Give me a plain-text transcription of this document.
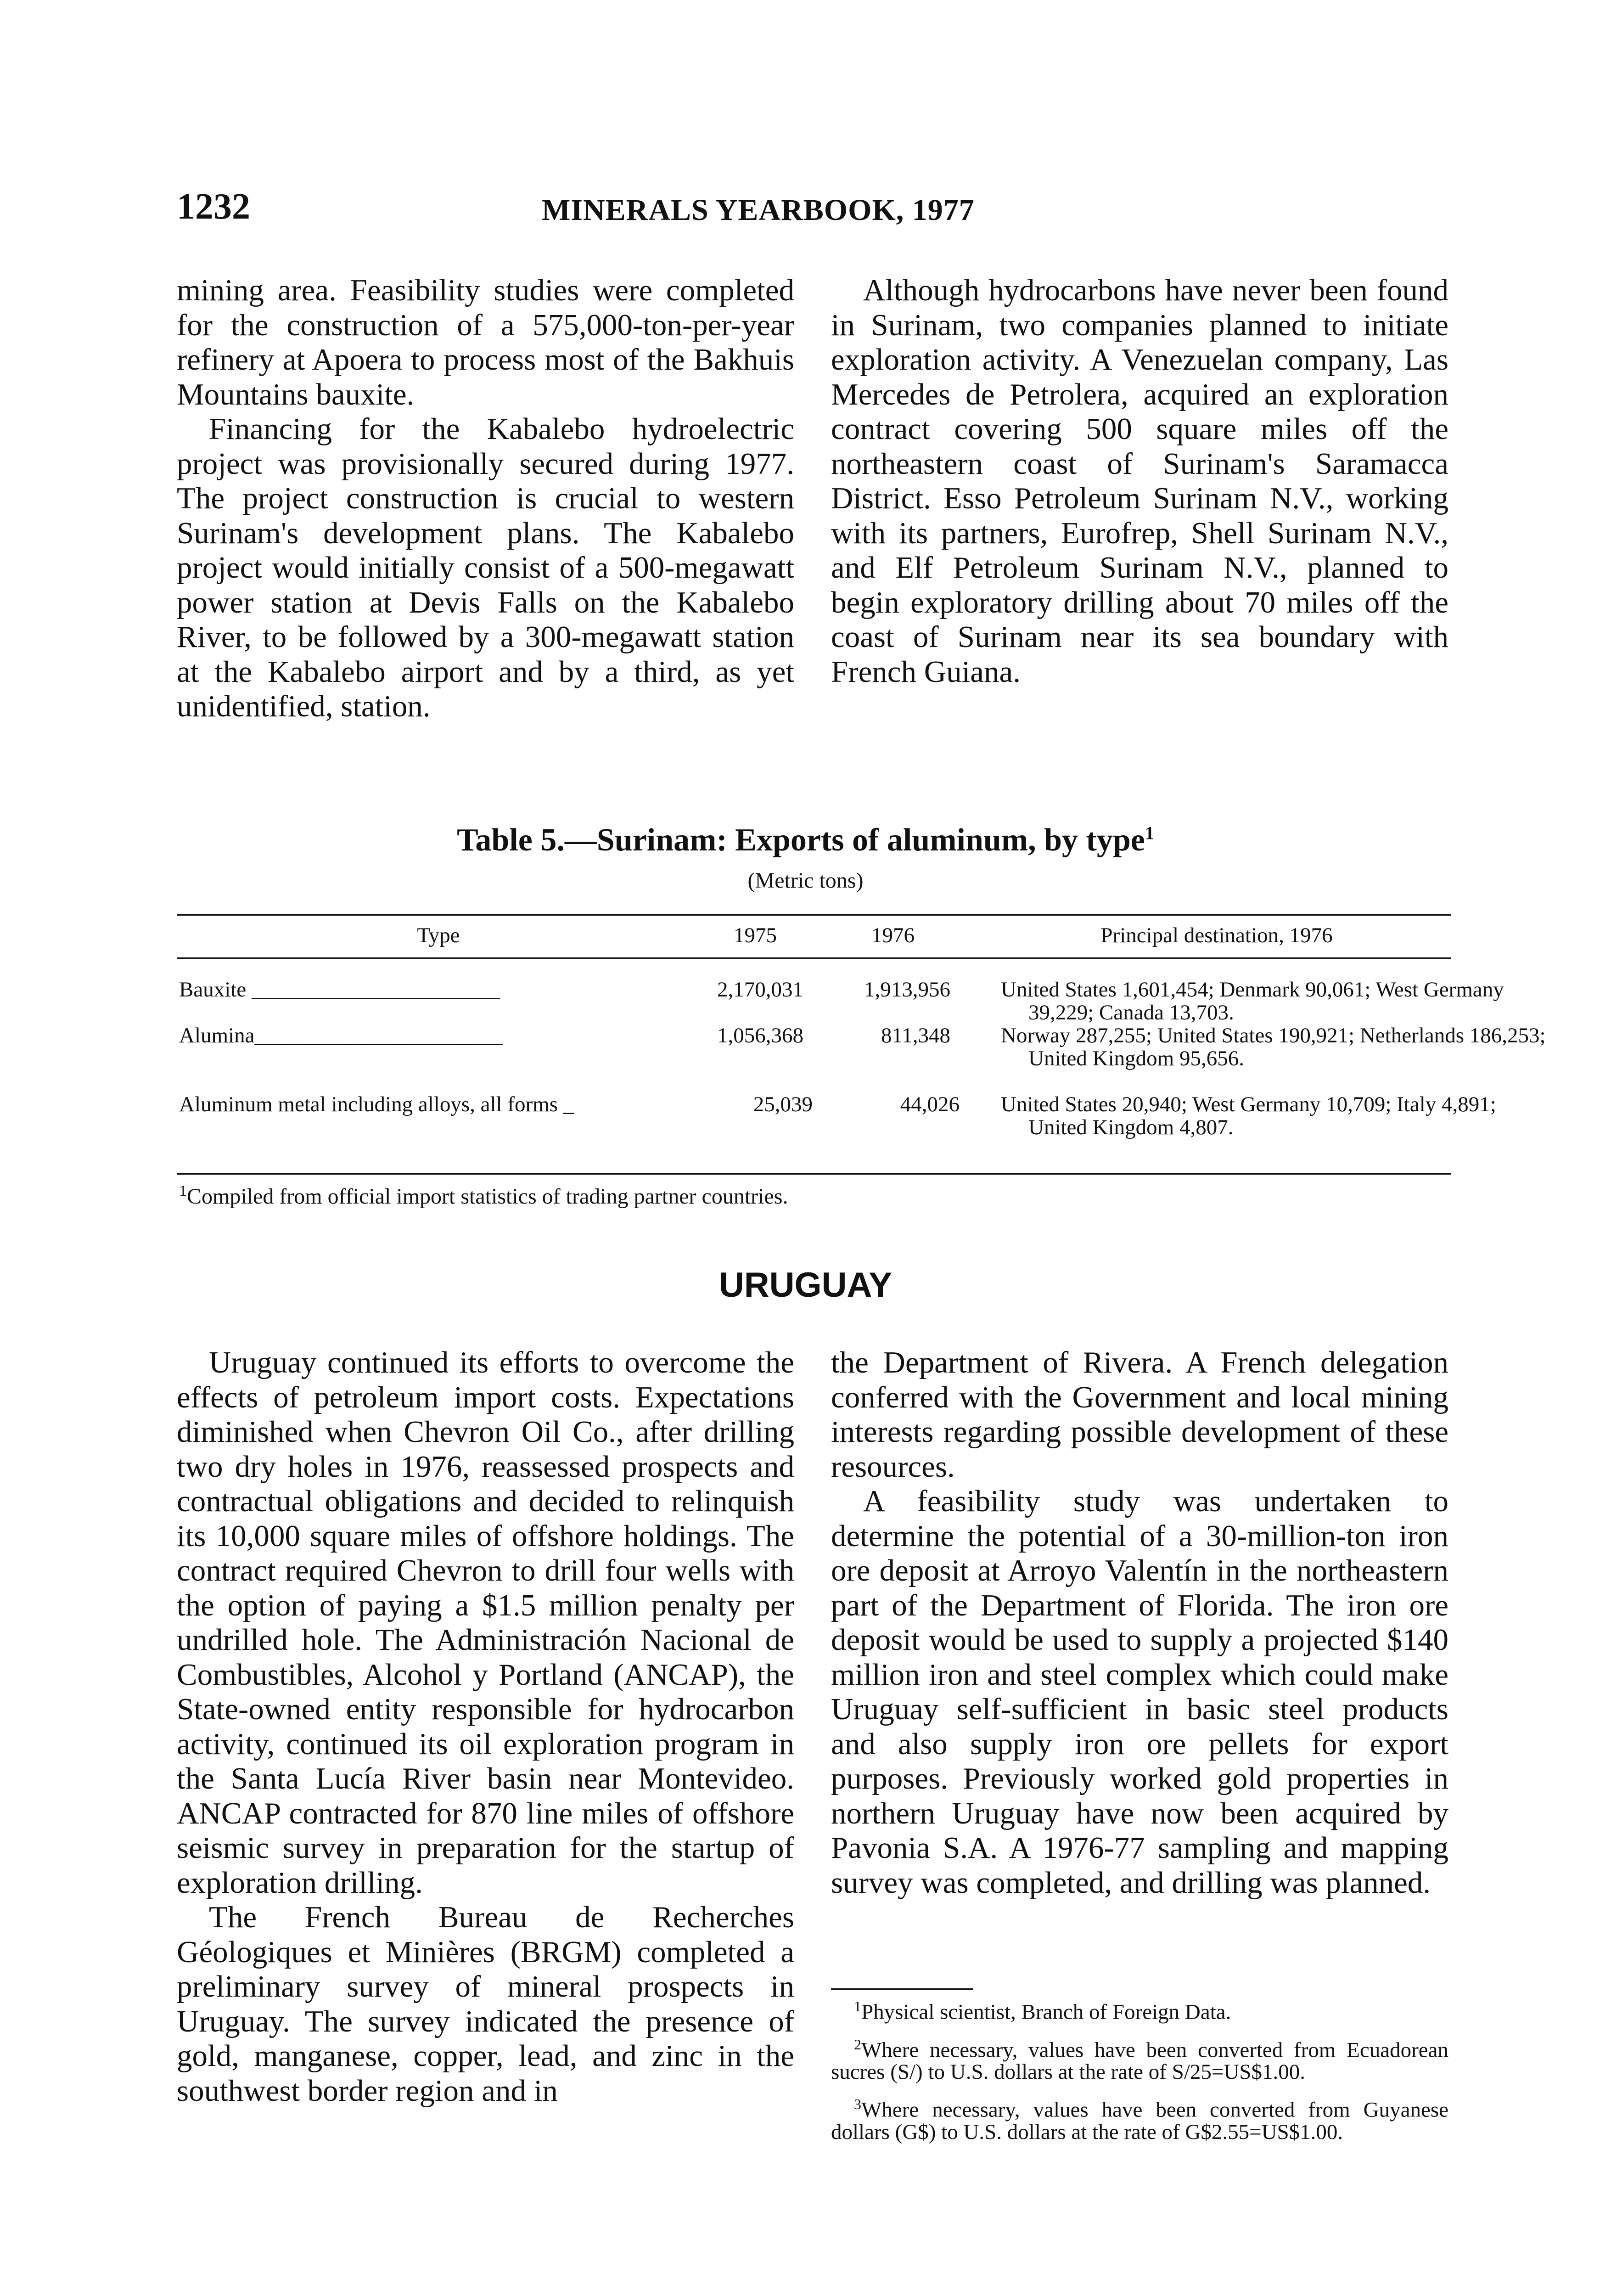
1232	MINERALS YEARBOOK, 1977

mining area. Feasibility studies were completed for the construction of a 575,000-ton-per-year refinery at Apoera to process most of the Bakhuis Mountains bauxite.

Financing for the Kabalebo hydroelectric project was provisionally secured during 1977. The project construction is crucial to western Surinam's development plans. The Kabalebo project would initially consist of a 500-megawatt power station at Devis Falls on the Kabalebo River, to be followed by a 300-megawatt station at the Kabalebo airport and by a third, as yet unidentified, station.

Although hydrocarbons have never been found in Surinam, two companies planned to initiate exploration activity. A Venezuelan company, Las Mercedes de Petrolera, acquired an exploration contract covering 500 square miles off the northeastern coast of Surinam's Saramacca District. Esso Petroleum Surinam N.V., working with its partners, Eurofrep, Shell Surinam N.V., and Elf Petroleum Surinam N.V., planned to begin exploratory drilling about 70 miles off the coast of Surinam near its sea boundary with French Guiana.

Table 5.—Surinam: Exports of aluminum, by type$^1$
(Metric tons)
Type	1975	1976	Principal destination, 1976
Bauxite _______________________	2,170,031	1,913,956 United States 1,601,454; Denmark 90,061; West Germany 39,229; Canada 13,703.
Alumina_______________________	1,056,368	811,348 Norway 287,255; United States 190,921; Netherlands 186,253; United Kingdom 95,656.
Aluminum metal including alloys, all forms _	25,039	44,026 United States 20,940; West Germany 10,709; Italy 4,891; United Kingdom 4,807.
$^1$Compiled from official import statistics of trading partner countries.
URUGUAY

Uruguay continued its efforts to overcome the effects of petroleum import costs. Expectations diminished when Chevron Oil Co., after drilling two dry holes in 1976, reassessed prospects and contractual obligations and decided to relinquish its 10,000 square miles of offshore holdings. The contract required Chevron to drill four wells with the option of paying a $1.5 million penalty per undrilled hole. The Administración Nacional de Combustibles, Alcohol y Portland (ANCAP), the State-owned entity responsible for hydrocarbon activity, continued its oil exploration program in the Santa Lucía River basin near Montevideo. ANCAP contracted for 870 line miles of offshore seismic survey in preparation for the startup of exploration drilling.

The French Bureau de Recherches Géologiques et Minières (BRGM) completed a preliminary survey of mineral prospects in Uruguay. The survey indicated the presence of gold, manganese, copper, lead, and zinc in the southwest border region and in

the Department of Rivera. A French delegation conferred with the Government and local mining interests regarding possible development of these resources.

A feasibility study was undertaken to determine the potential of a 30-million-ton iron ore deposit at Arroyo Valentín in the northeastern part of the Department of Florida. The iron ore deposit would be used to supply a projected $140 million iron and steel complex which could make Uruguay self-sufficient in basic steel products and also supply iron ore pellets for export purposes. Previously worked gold properties in northern Uruguay have now been acquired by Pavonia S.A. A 1976-77 sampling and mapping survey was completed, and drilling was planned.

$^1$Physical scientist, Branch of Foreign Data.

$^2$Where necessary, values have been converted from Ecuadorean sucres (S/) to U.S. dollars at the rate of S/25=US$1.00.

$^3$Where necessary, values have been converted from Guyanese dollars (G$) to U.S. dollars at the rate of G$2.55=US$1.00.
